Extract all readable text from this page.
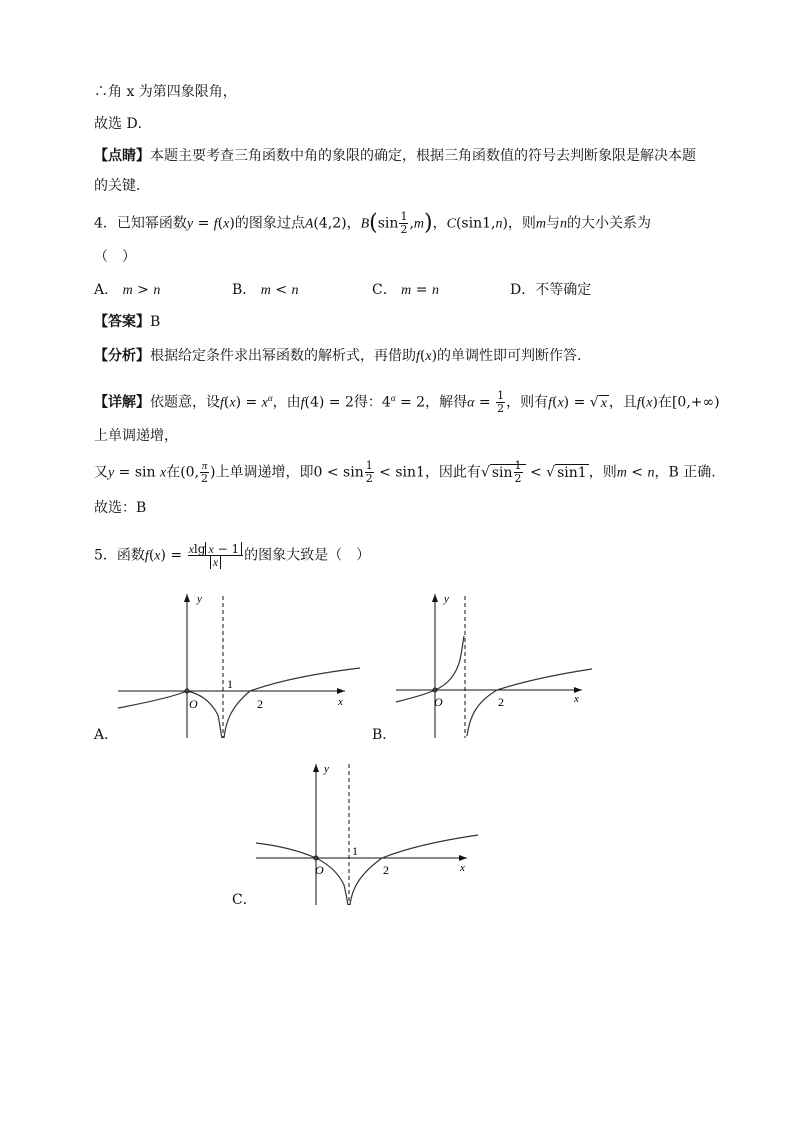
∴角 x 为第四象限角，
故选 D．
【点睛】本题主要考查三角函数中角的象限的确定，根据三角函数值的符号去判断象限是解决本题
的关键．
4．已知幂函数y = f(x)的图象过点A(4,2)，$B(\sin \frac{1}{2} ,m)$，C(sin1,n)，则m与n的大小关系为
（　）
A． m > n	B． m < n	C． m = n	D．不等确定
【答案】B
【分析】根据给定条件求出幂函数的解析式，再借助f(x)的单调性即可判断作答.
【详解】依题意，设$f(x) = x^\alpha$，由f(4) = 2得：$4^\alpha = 2$，解得$\alpha = \frac{1}{2}$ ，则有f(x) = √ x ，且f(x)在[0,+∞)
上单调递增，
又y = sin x在(0, $\frac{\pi}{2}$ )上单调递增，即$0 < \sin \frac{1}{2} < \sin 1$，因此有√ $\sin \frac{1}{2}$ < √ sin1 ，则m < n，B 正确.
故选：B
5．函数$f(x) = \frac{\text{xlg x − 1}}{x}$ 的图象大致是（　）
y
1
2
O	x
A．
y
2
O	x
B．
y
1
2
O	x
C．
